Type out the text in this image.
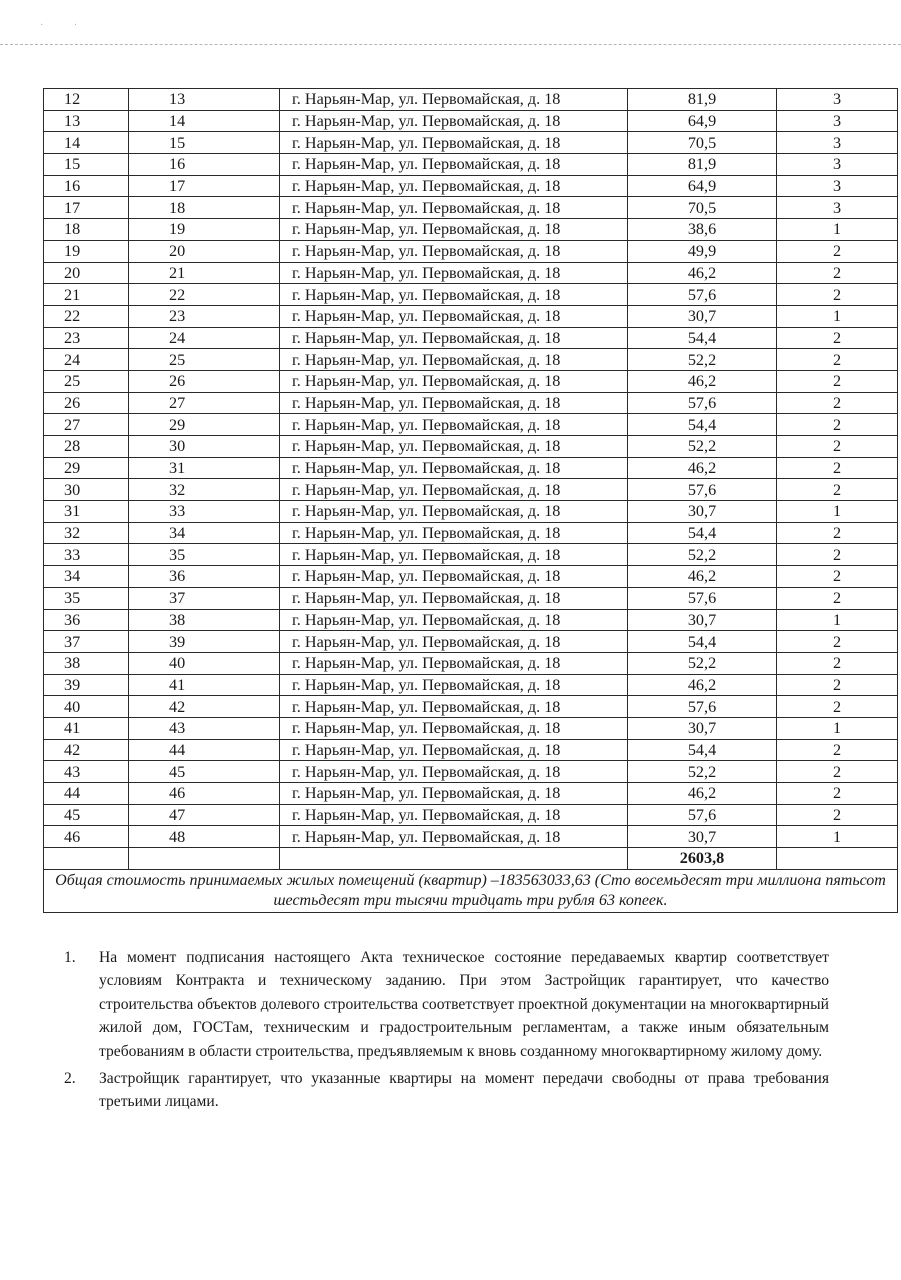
· ·
12	13	г. Нарьян-Мар, ул. Первомайская, д. 18	81,9	3
13	14	г. Нарьян-Мар, ул. Первомайская, д. 18	64,9	3
14	15	г. Нарьян-Мар, ул. Первомайская, д. 18	70,5	3
15	16	г. Нарьян-Мар, ул. Первомайская, д. 18	81,9	3
16	17	г. Нарьян-Мар, ул. Первомайская, д. 18	64,9	3
17	18	г. Нарьян-Мар, ул. Первомайская, д. 18	70,5	3
18	19	г. Нарьян-Мар, ул. Первомайская, д. 18	38,6	1
19	20	г. Нарьян-Мар, ул. Первомайская, д. 18	49,9	2
20	21	г. Нарьян-Мар, ул. Первомайская, д. 18	46,2	2
21	22	г. Нарьян-Мар, ул. Первомайская, д. 18	57,6	2
22	23	г. Нарьян-Мар, ул. Первомайская, д. 18	30,7	1
23	24	г. Нарьян-Мар, ул. Первомайская, д. 18	54,4	2
24	25	г. Нарьян-Мар, ул. Первомайская, д. 18	52,2	2
25	26	г. Нарьян-Мар, ул. Первомайская, д. 18	46,2	2
26	27	г. Нарьян-Мар, ул. Первомайская, д. 18	57,6	2
27	29	г. Нарьян-Мар, ул. Первомайская, д. 18	54,4	2
28	30	г. Нарьян-Мар, ул. Первомайская, д. 18	52,2	2
29	31	г. Нарьян-Мар, ул. Первомайская, д. 18	46,2	2
30	32	г. Нарьян-Мар, ул. Первомайская, д. 18	57,6	2
31	33	г. Нарьян-Мар, ул. Первомайская, д. 18	30,7	1
32	34	г. Нарьян-Мар, ул. Первомайская, д. 18	54,4	2
33	35	г. Нарьян-Мар, ул. Первомайская, д. 18	52,2	2
34	36	г. Нарьян-Мар, ул. Первомайская, д. 18	46,2	2
35	37	г. Нарьян-Мар, ул. Первомайская, д. 18	57,6	2
36	38	г. Нарьян-Мар, ул. Первомайская, д. 18	30,7	1
37	39	г. Нарьян-Мар, ул. Первомайская, д. 18	54,4	2
38	40	г. Нарьян-Мар, ул. Первомайская, д. 18	52,2	2
39	41	г. Нарьян-Мар, ул. Первомайская, д. 18	46,2	2
40	42	г. Нарьян-Мар, ул. Первомайская, д. 18	57,6	2
41	43	г. Нарьян-Мар, ул. Первомайская, д. 18	30,7	1
42	44	г. Нарьян-Мар, ул. Первомайская, д. 18	54,4	2
43	45	г. Нарьян-Мар, ул. Первомайская, д. 18	52,2	2
44	46	г. Нарьян-Мар, ул. Первомайская, д. 18	46,2	2
45	47	г. Нарьян-Мар, ул. Первомайская, д. 18	57,6	2
46	48	г. Нарьян-Мар, ул. Первомайская, д. 18	30,7	1
			2603,8	
Общая стоимость принимаемых жилых помещений (квартир) –183563033,63 (Сто восемьдесят три миллиона пятьсот шестьдесят три тысячи тридцать три рубля 63 копеек.				
1. На момент подписания настоящего Акта техническое состояние передаваемых квартир соответствует условиям Контракта и техническому заданию. При этом Застройщик гарантирует, что качество строительства объектов долевого строительства соответствует проектной документации на многоквартирный жилой дом, ГОСТам, техническим и градостроительным регламентам, а также иным обязательным требованиям в области строительства, предъявляемым к вновь созданному многоквартирному жилому дому.
2. Застройщик гарантирует, что указанные квартиры на момент передачи свободны от права требования третьими лицами.
